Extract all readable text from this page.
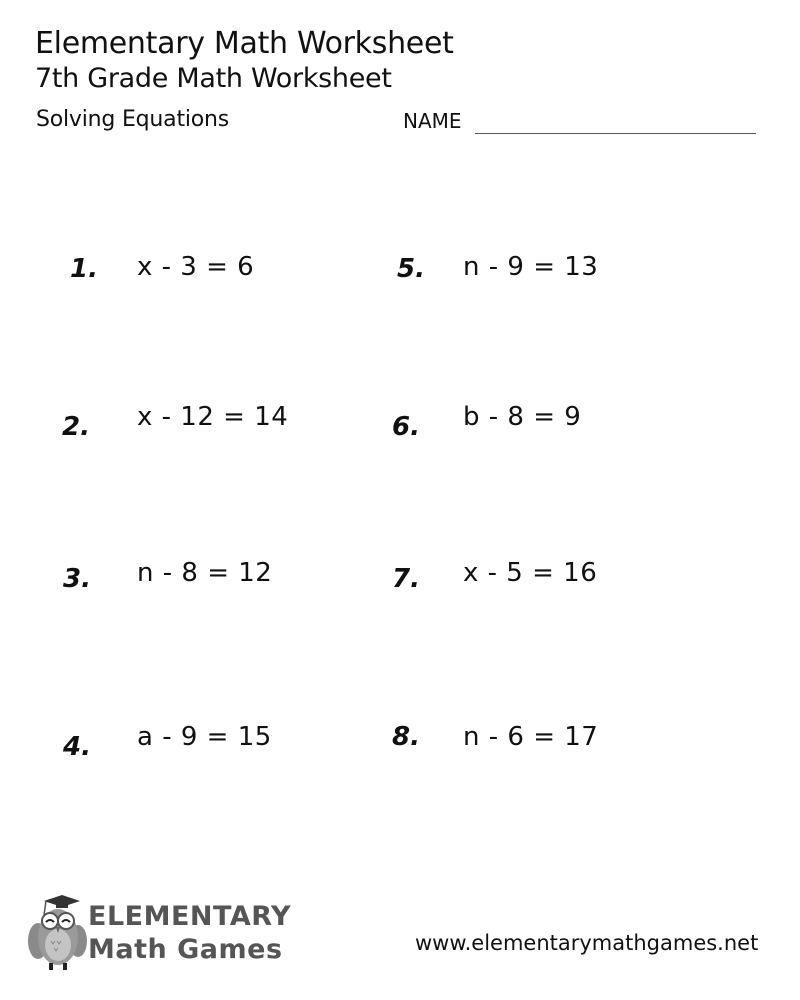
Elementary Math Worksheet
7th Grade Math Worksheet
Solving Equations	NAME
1. x - 3 = 6
2. x - 12 = 14
3. n - 8 = 12
4. a - 9 = 15
5. n - 9 = 13
6. b - 8 = 9
7. x - 5 = 16
8. n - 6 = 17
ELEMENTARY
Math Games	www.elementarymathgames.net
